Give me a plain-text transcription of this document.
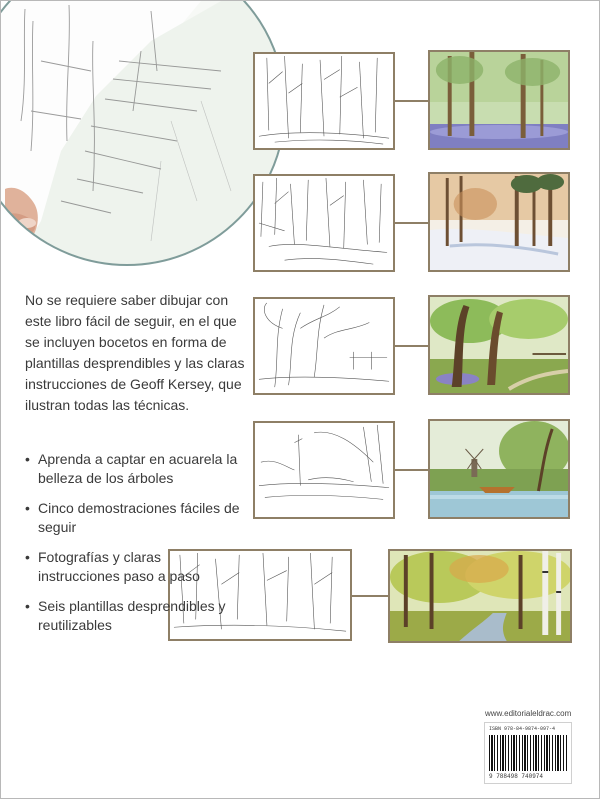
No se requiere saber dibujar con este libro fácil de seguir, en el que se incluyen bocetos en forma de plantillas desprendibles y las claras instrucciones de Geoff Kersey, que ilustran todas las técnicas.

• Aprenda a captar en acuarela la belleza de los árboles
• Cinco demostraciones fáciles de seguir
• Fotografías y claras instrucciones paso a paso
• Seis plantillas desprendibles y reutilizables
www.editorialeldrac.com
ISBN 978-84-9874-097-4
9 788498 740974
